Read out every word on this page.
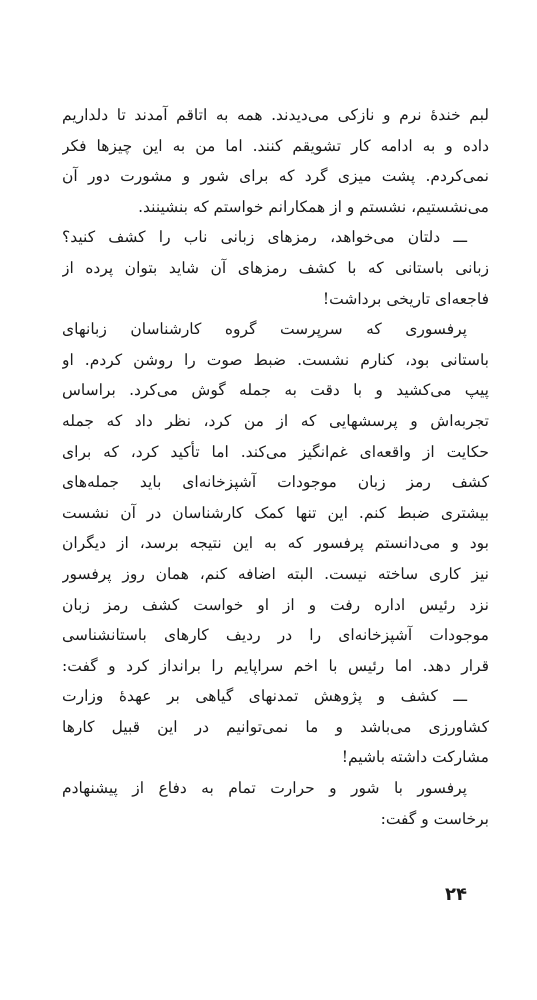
لبم خندۀ نرم و نازکی می‌دیدند. همه به اتاقم آمدند تا دلداریم
داده و به ادامه کار تشویقم کنند. اما من به این چیزها فکر
نمی‌کردم. پشت میزی گرد که برای شور و مشورت دور آن
می‌نشستیم، نشستم و از همکارانم خواستم که بنشینند.
ـــ دلتان می‌خواهد، رمزهای زبانی ناب را کشف کنید؟
زبانی باستانی که با کشف رمزهای آن شاید بتوان پرده از
فاجعه‌ای تاریخی برداشت!
پرفسوری که سرپرست گروه کارشناسان زبانهای
باستانی بود، کنارم نشست. ضبط صوت را روشن کردم. او
پیپ می‌کشید و با دقت به جمله گوش می‌کرد. براساس
تجربه‌اش و پرسشهایی که از من کرد، نظر داد که جمله
حکایت از واقعه‌ای غم‌انگیز می‌کند. اما تأکید کرد، که برای
کشف رمز زبان موجودات آشپزخانه‌ای باید جمله‌های
بیشتری ضبط کنم. این تنها کمک کارشناسان در آن نشست
بود و می‌دانستم پرفسور که به این نتیجه برسد، از دیگران
نیز کاری ساخته نیست. البته اضافه کنم، همان روز پرفسور
نزد رئیس اداره رفت و از او خواست کشف رمز زبان
موجودات آشپزخانه‌ای را در ردیف کارهای باستانشناسی
قرار دهد. اما رئیس با اخم سراپایم را برانداز کرد و گفت:
ـــ کشف و پژوهش تمدنهای گیاهی بر عهدۀ وزارت
کشاورزی می‌باشد و ما نمی‌توانیم در این قبیل کارها
مشارکت داشته باشیم!
پرفسور با شور و حرارت تمام به دفاع از پیشنهادم
برخاست و گفت:
۲۴
